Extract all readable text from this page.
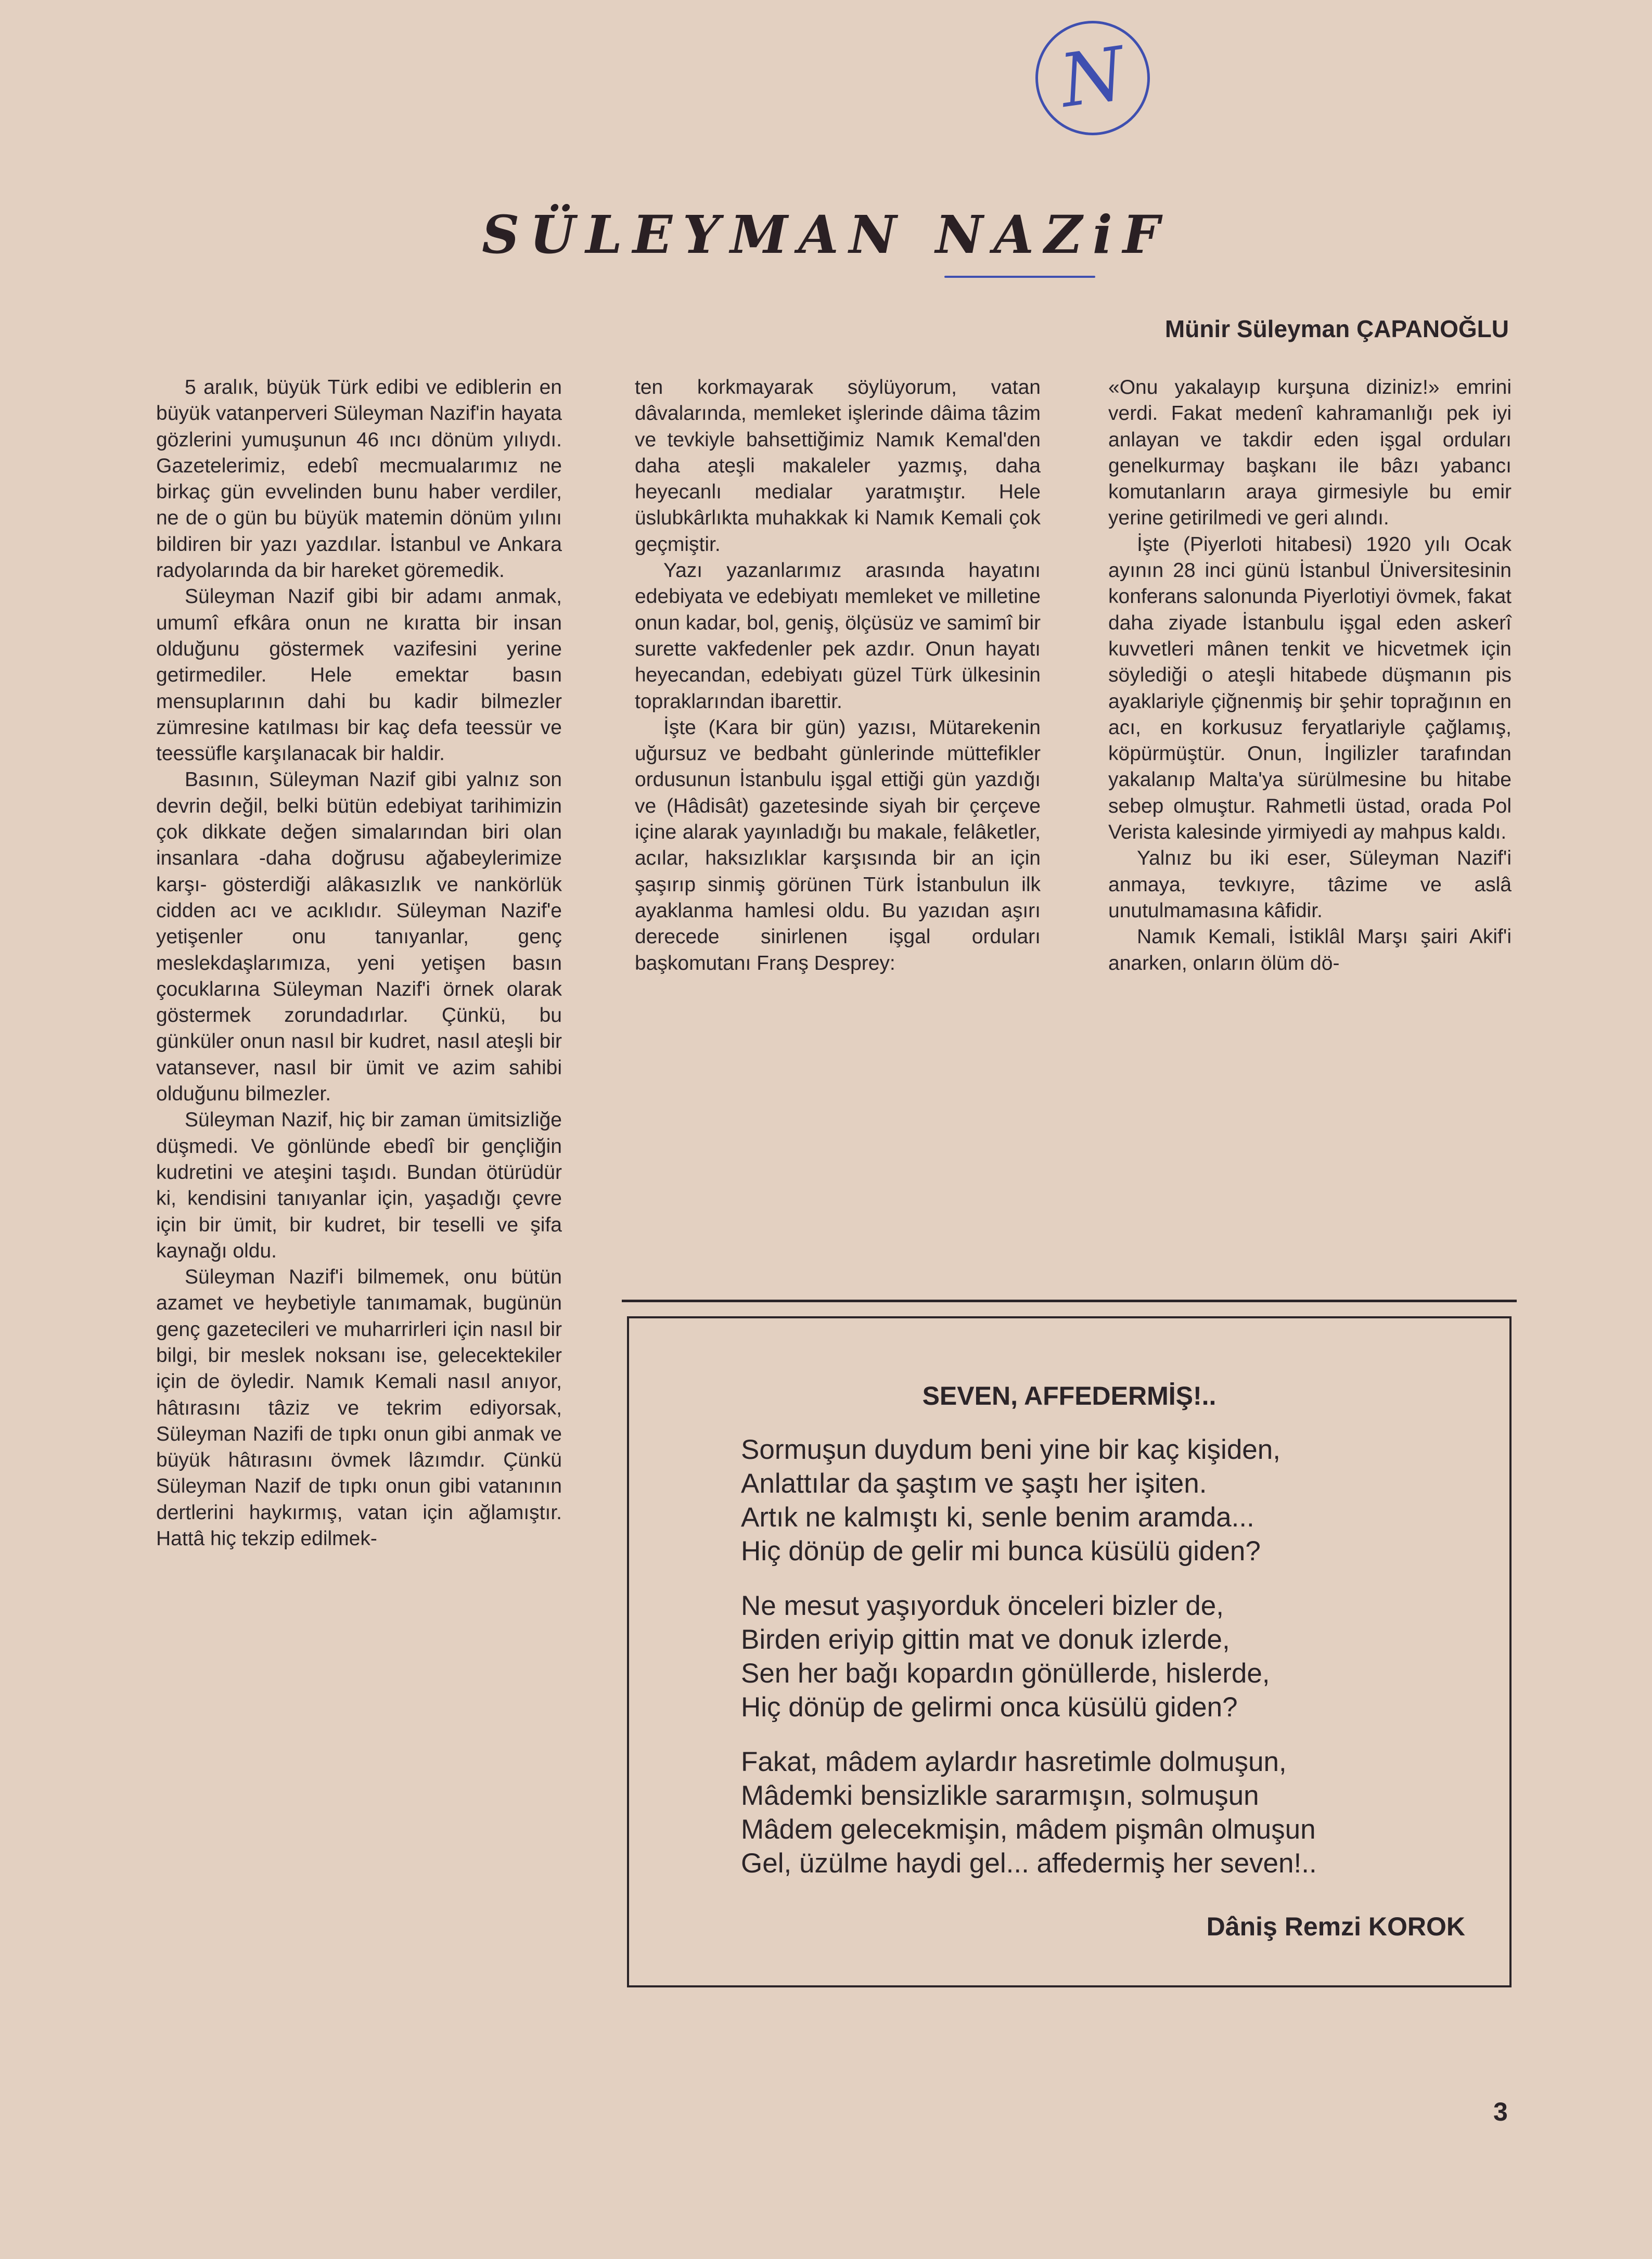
N
SÜLEYMAN NAZiF
Münir Süleyman ÇAPANOĞLU

5 aralık, büyük Türk edibi ve ediblerin en büyük vatanperveri Süleyman Nazif'in hayata gözlerini yumuşunun 46 ıncı dönüm yılıydı. Gazetelerimiz, edebî mecmualarımız ne birkaç gün evvelinden bunu haber verdiler, ne de o gün bu büyük matemin dönüm yılını bildiren bir yazı yazdılar. İstanbul ve Ankara radyolarında da bir hareket göremedik.

Süleyman Nazif gibi bir adamı anmak, umumî efkâra onun ne kıratta bir insan olduğunu göstermek vazifesini yerine getirmediler. Hele emektar basın mensuplarının dahi bu kadir bilmezler zümresine katılması bir kaç defa teessür ve teessüfle karşılanacak bir haldir.

Basının, Süleyman Nazif gibi yalnız son devrin değil, belki bütün edebiyat tarihimizin çok dikkate değen simalarından biri olan insanlara -daha doğrusu ağabeylerimize karşı- gösterdiği alâkasızlık ve nankörlük cidden acı ve acıklıdır. Süleyman Nazif'e yetişenler onu tanıyanlar, genç meslekdaşlarımıza, yeni yetişen basın çocuklarına Süleyman Nazif'i örnek olarak göstermek zorundadırlar. Çünkü, bu günküler onun nasıl bir kudret, nasıl ateşli bir vatansever, nasıl bir ümit ve azim sahibi olduğunu bilmezler.

Süleyman Nazif, hiç bir zaman ümitsizliğe düşmedi. Ve gönlünde ebedî bir gençliğin kudretini ve ateşini taşıdı. Bundan ötürüdür ki, kendisini tanıyanlar için, yaşadığı çevre için bir ümit, bir kudret, bir teselli ve şifa kaynağı oldu.

Süleyman Nazif'i bilmemek, onu bütün azamet ve heybetiyle tanımamak, bugünün genç gazetecileri ve muharrirleri için nasıl bir bilgi, bir meslek noksanı ise, gelecektekiler için de öyledir. Namık Kemali nasıl anıyor, hâtırasını tâziz ve tekrim ediyorsak, Süleyman Nazifi de tıpkı onun gibi anmak ve büyük hâtırasını övmek lâzımdır. Çünkü Süleyman Nazif de tıpkı onun gibi vatanının dertlerini haykırmış, vatan için ağlamıştır. Hattâ hiç tekzip edilmek-

ten korkmayarak söylüyorum, vatan dâvalarında, memleket işlerinde dâima tâzim ve tevkiyle bahsettiğimiz Namık Kemal'den daha ateşli makaleler yazmış, daha heyecanlı medialar yaratmıştır. Hele üslubkârlıkta muhakkak ki Namık Kemali çok geçmiştir.

Yazı yazanlarımız arasında hayatını edebiyata ve edebiyatı memleket ve milletine onun kadar, bol, geniş, ölçüsüz ve samimî bir surette vakfedenler pek azdır. Onun hayatı heyecandan, edebiyatı güzel Türk ülkesinin topraklarından ibarettir.

İşte (Kara bir gün) yazısı, Mütarekenin uğursuz ve bedbaht günlerinde müttefikler ordusunun İstanbulu işgal ettiği gün yazdığı ve (Hâdisât) gazetesinde siyah bir çerçeve içine alarak yayınladığı bu makale, felâketler, acılar, haksızlıklar karşısında bir an için şaşırıp sinmiş görünen Türk İstanbulun ilk ayaklanma hamlesi oldu. Bu yazıdan aşırı derecede sinirlenen işgal orduları başkomutanı Franş Desprey:

«Onu yakalayıp kurşuna diziniz!» emrini verdi. Fakat medenî kahramanlığı pek iyi anlayan ve takdir eden işgal orduları genelkurmay başkanı ile bâzı yabancı komutanların araya girmesiyle bu emir yerine getirilmedi ve geri alındı.

İşte (Piyerloti hitabesi) 1920 yılı Ocak ayının 28 inci günü İstanbul Üniversitesinin konferans salonunda Piyerlotiyi övmek, fakat daha ziyade İstanbulu işgal eden askerî kuvvetleri mânen tenkit ve hicvetmek için söylediği o ateşli hitabede düşmanın pis ayaklariyle çiğnenmiş bir şehir toprağının en acı, en korkusuz feryatlariyle çağlamış, köpürmüştür. Onun, İngilizler tarafından yakalanıp Malta'ya sürülmesine bu hitabe sebep olmuştur. Rahmetli üstad, orada Pol Verista kalesinde yirmiyedi ay mahpus kaldı.

Yalnız bu iki eser, Süleyman Nazif'i anmaya, tevkıyre, tâzime ve aslâ unutulmamasına kâfidir.

Namık Kemali, İstiklâl Marşı şairi Akif'i anarken, onların ölüm dö-

SEVEN, AFFEDERMİŞ!..
Sormuşun duydum beni yine bir kaç kişiden,
Anlattılar da şaştım ve şaştı her işiten.
Artık ne kalmıştı ki, senle benim aramda...
Hiç dönüp de gelir mi bunca küsülü giden?
Ne mesut yaşıyorduk önceleri bizler de,
Birden eriyip gittin mat ve donuk izlerde,
Sen her bağı kopardın gönüllerde, hislerde,
Hiç dönüp de gelirmi onca küsülü giden?
Fakat, mâdem aylardır hasretimle dolmuşun,
Mâdemki bensizlikle sararmışın, solmuşun
Mâdem gelecekmişin, mâdem pişmân olmuşun
Gel, üzülme haydi gel... affedermiş her seven!..
Dâniş Remzi KOROK
3
